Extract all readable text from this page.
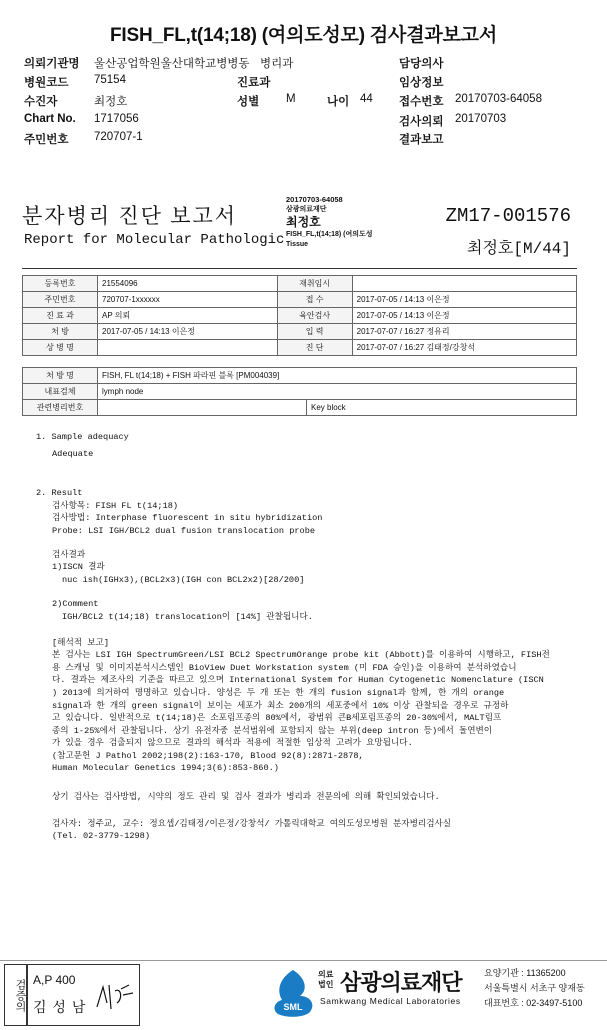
FISH_FL,t(14;18) (여의도성모) 검사결과보고서
의뢰기관명 울산공업학원울산대학교병병동 병리과	담당의사
병원코드 75154	진료과	임상정보
수진자	최정호	성별 M	나이 44 접수번호 20170703-64058
Chart No. 1717056	검사의뢰 20170703
주민번호 720707-1	결과보고
분자병리 진단 보고서
Report for Molecular Pathologic
20170703-64058
삼광의료재단
최정호
FISH_FL,t(14;18) (여의도성
Tissue
ZM17-001576
최정호[M/44]
등록번호	21554096	재취임시	
주민번호	720707-1xxxxxx	접 수	2017-07-05 / 14:13 이은정
진 료 과	AP 의뢰	육안검사	2017-07-05 / 14:13 이은정
처 방	2017-07-05 / 14:13 이은정	입 력	2017-07-07 / 16:27 정유리
상 병 명		진 단	2017-07-07 / 16:27 김태정/강창석
처 방 명	FISH, FL t(14;18) + FISH 파라핀 블록 [PM004039]	
내표검체	lymph node	
관련병리번호		Key block
1. Sample adequacy
Adequate
2. Result
검사항목: FISH FL t(14;18)
검사방법: Interphase fluorescent in situ hybridization
Probe: LSI IGH/BCL2 dual fusion translocation probe
검사결과
1)ISCN 결과
nuc ish(IGHx3),(BCL2x3)(IGH con BCL2x2)[28/200]
2)Comment
IGH/BCL2 t(14;18) translocation이 [14%] 관찰됩니다.
[해석적 보고]
본 검사는 LSI IGH SpectrumGreen/LSI BCL2 SpectrumOrange probe kit (Abbott)를 이용하여 시행하고, FISH전
용 스캐닝 및 이미지분석시스템인 BioView Duet Workstation system (미 FDA 승인)을 이용하여 분석하였습니
다. 결과는 제조사의 기준을 따르고 있으며 International System for Human Cytogenetic Nomenclature (ISCN
) 2013에 의거하여 명명하고 있습니다. 양성은 두 개 또는 한 개의 fusion signal과 함께, 한 개의 orange
signal과 한 개의 green signal이 보이는 세포가 최소 200개의 세포중에서 10% 이상 관찰되을 경우로 규정하
고 있습니다. 일반적으로 t(14;18)은 소포림프종의 80%에서, 광범위 큰B세포림프종의 20-30%에서, MALT림프
종의 1-25%에서 관찰됩니다. 상기 유전자중 분석범위에 포함되지 않는 부위(deep intron 등)에서 돌연변이
가 있을 경우 검출되지 않으므로 결과의 해석과 적용에 적절한 임상적 고려가 요망됩니다.
(참고문헌 J Pathol 2002;198(2):163-170, Blood 92(8):2871-2878,
Human Molecular Genetics 1994;3(6):853-860.)
상기 검사는 검사방법, 시약의 정도 관리 및 검사 결과가 병리과 전문의에 의해 확인되었습니다.
검사자: 정주교, 교수: 정요셉/김태정/이은정/강창석/ 가톨릭대학교 여의도성모병원 분자병리검사실
(Tel. 02-3779-1298)
검증의 A,P 400
김 성 남	SML
의료
법인 삼광의료재단
Samkwang Medical Laboratories
요양기관 : 11365200
서울특별시 서초구 양재동
대표번호 : 02-3497-5100
